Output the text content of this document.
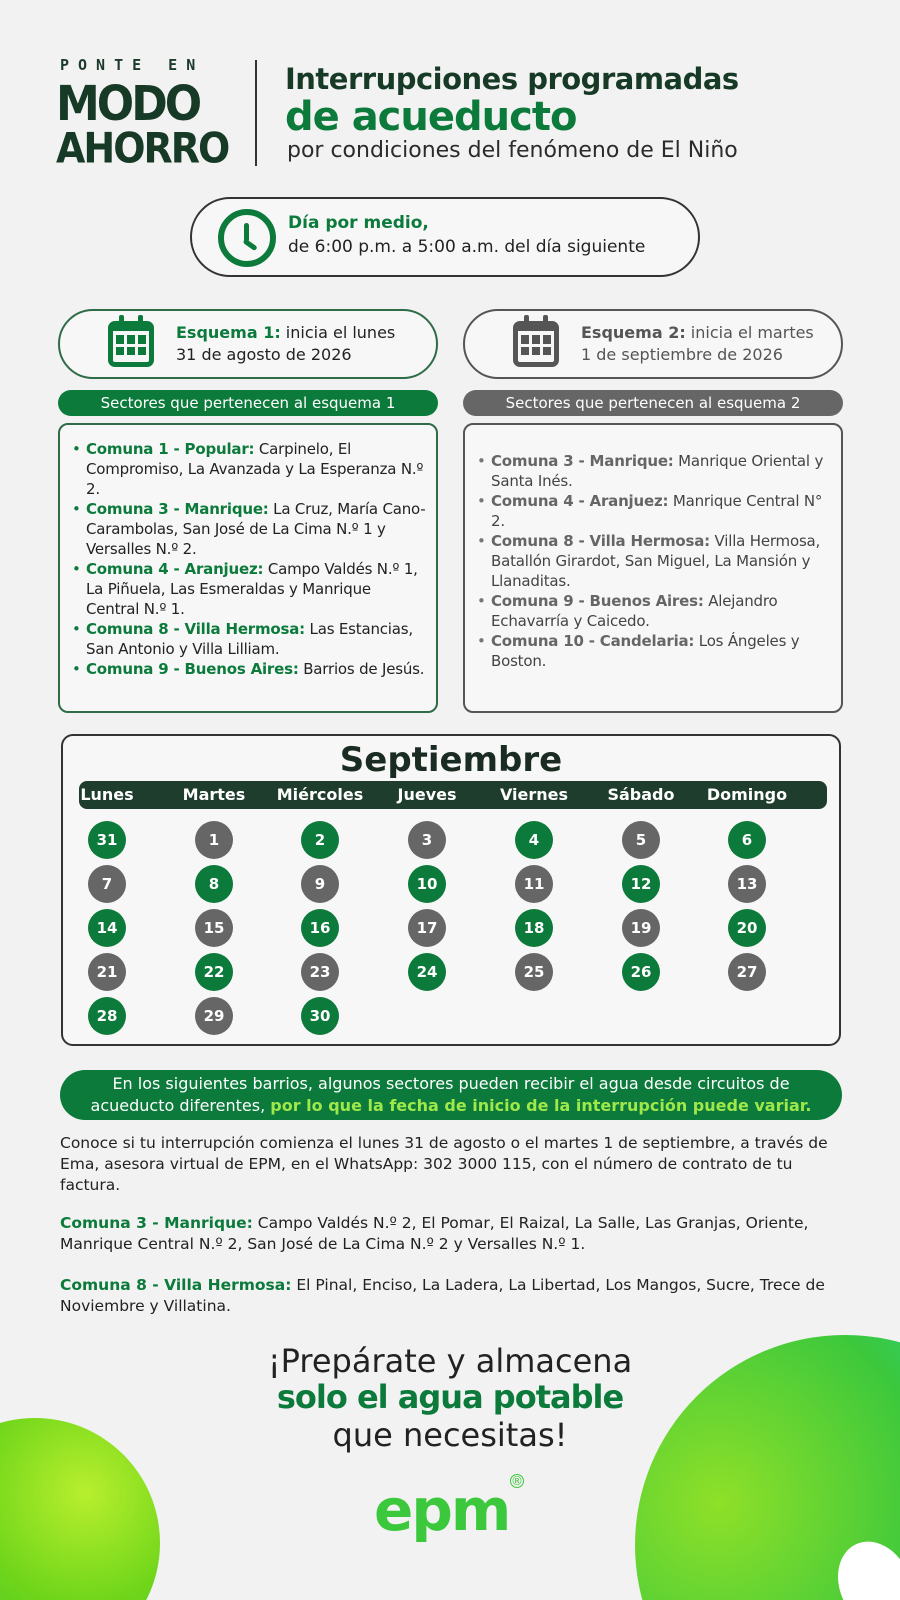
PONTE EN
MODO
AHORRO
Interrupciones programadas
de acueducto
por condiciones del fenómeno de El Niño
Día por medio,
de 6:00 p.m. a 5:00 a.m. del día siguiente
Esquema 1: inicia el lunes
31 de agosto de 2026
Esquema 2: inicia el martes
1 de septiembre de 2026
Sectores que pertenecen al esquema 1	Sectores que pertenecen al esquema 2
• Comuna 1 - Popular: Carpinelo, El Compromiso, La Avanzada y La Esperanza N.º 2.
• Comuna 3 - Manrique: La Cruz, María Cano-Carambolas, San José de La Cima N.º 1 y Versalles N.º 2.
• Comuna 4 - Aranjuez: Campo Valdés N.º 1, La Piñuela, Las Esmeraldas y Manrique Central N.º 1.
• Comuna 8 - Villa Hermosa: Las Estancias, San Antonio y Villa Lilliam.
• Comuna 9 - Buenos Aires: Barrios de Jesús.
• Comuna 3 - Manrique: Manrique Oriental y Santa Inés.
• Comuna 4 - Aranjuez: Manrique Central N° 2.
• Comuna 8 - Villa Hermosa: Villa Hermosa, Batallón Girardot, San Miguel, La Mansión y Llanaditas.
• Comuna 9 - Buenos Aires: Alejandro Echavarría y Caicedo.
• Comuna 10 - Candelaria: Los Ángeles y Boston.
Septiembre
Lunes	Martes	Miércoles	Jueves	Viernes	Sábado	Domingo
31	1	2	3	4	5	6
7	8	9	10	11	12	13
14	15	16	17	18	19	20
21	22	23	24	25	26	27
28	29	30
En los siguientes barrios, algunos sectores pueden recibir el agua desde circuitos de
acueducto diferentes, por lo que la fecha de inicio de la interrupción puede variar.
Conoce si tu interrupción comienza el lunes 31 de agosto o el martes 1 de septiembre, a través de Ema, asesora virtual de EPM, en el WhatsApp: 302 3000 115, con el número de contrato de tu factura.
Comuna 3 - Manrique: Campo Valdés N.º 2, El Pomar, El Raizal, La Salle, Las Granjas, Oriente, Manrique Central N.º 2, San José de La Cima N.º 2 y Versalles N.º 1.
Comuna 8 - Villa Hermosa: El Pinal, Enciso, La Ladera, La Libertad, Los Mangos, Sucre, Trece de Noviembre y Villatina.
¡Prepárate y almacena
solo el agua potable
que necesitas!
epm ®
